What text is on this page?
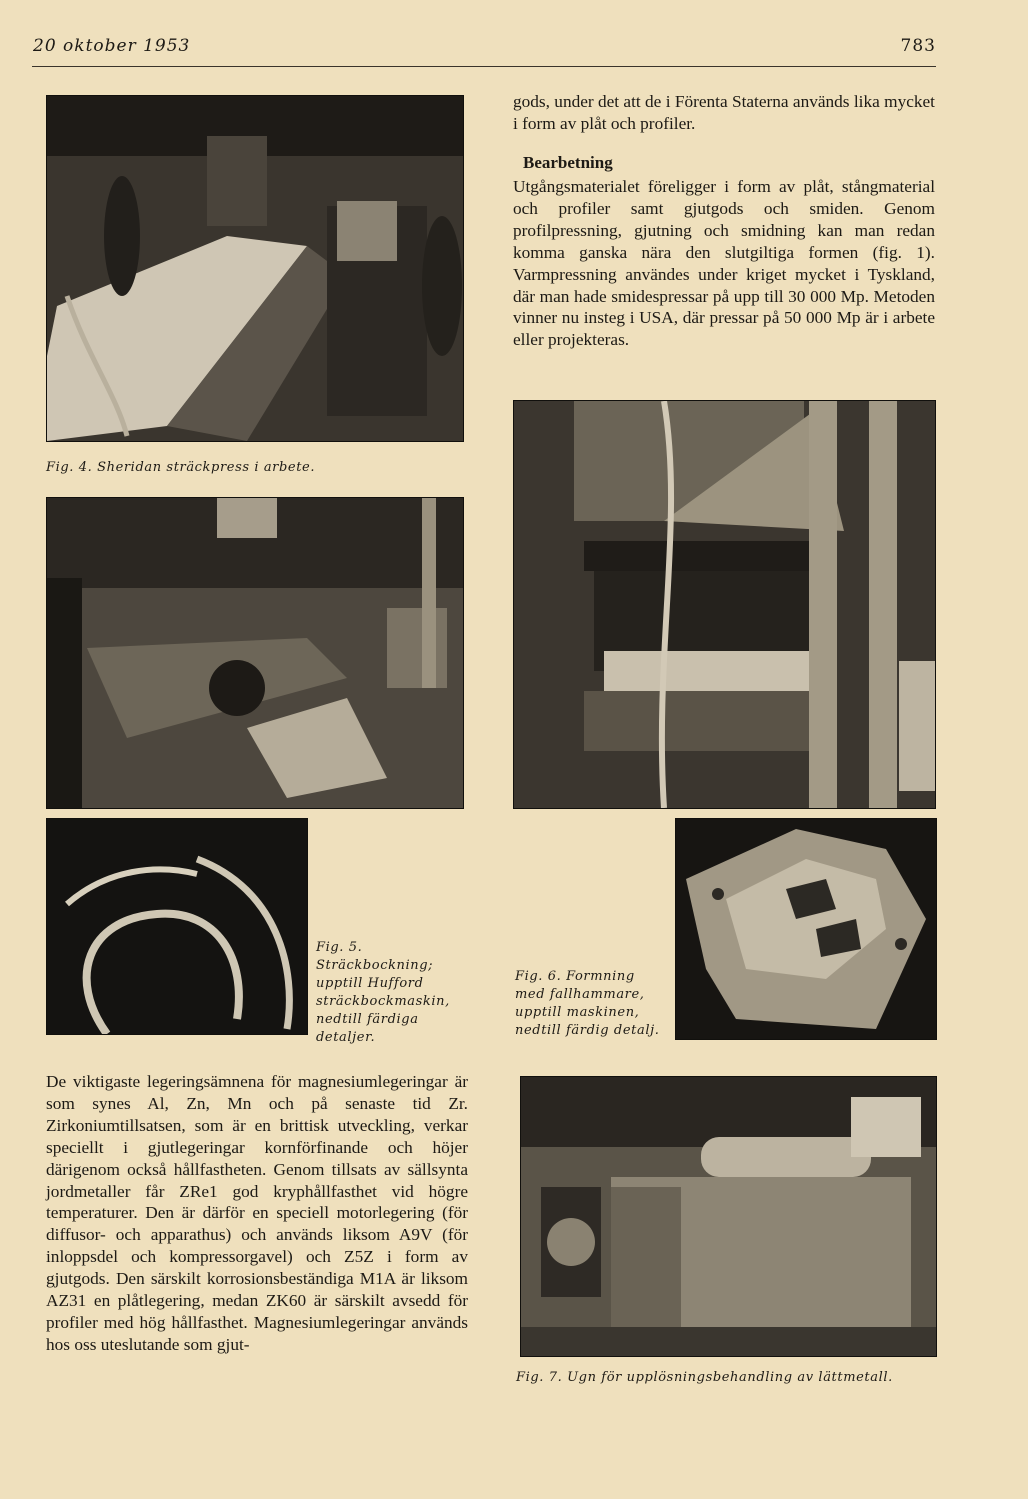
20 oktober 1953	783
Fig. 4. Sheridan sträckpress i arbete.
gods, under det att de i Förenta Staterna används lika mycket i form av plåt och profiler.
Bearbetning
Utgångsmaterialet föreligger i form av plåt, stångmaterial och profiler samt gjutgods och smiden. Genom profilpressning, gjutning och smidning kan man redan komma ganska nära den slutgiltiga formen (fig. 1). Varmpressning användes under kriget mycket i Tyskland, där man hade smidespressar på upp till 30 000 Mp. Metoden vinner nu insteg i USA, där pressar på 50 000 Mp är i arbete eller projekteras.
Fig. 5. Sträckbockning; upptill Hufford sträckbockmaskin, nedtill färdiga detaljer.
Fig. 6. Formning med fallhammare, upptill maskinen, nedtill färdig detalj.
De viktigaste legeringsämnena för magnesiumlegeringar är som synes Al, Zn, Mn och på senaste tid Zr. Zirkoniumtillsatsen, som är en brittisk utveckling, verkar speciellt i gjutlegeringar kornförfinande och höjer därigenom också hållfastheten. Genom tillsats av sällsynta jordmetaller får ZRe1 god kryphållfasthet vid högre temperaturer. Den är därför en speciell motorlegering (för diffusor- och apparathus) och används liksom A9V (för inloppsdel och kompressorgavel) och Z5Z i form av gjutgods. Den särskilt korrosionsbeständiga M1A är liksom AZ31 en plåtlegering, medan ZK60 är särskilt avsedd för profiler med hög hållfasthet. Magnesiumlegeringar används hos oss uteslutande som gjut-
Fig. 7. Ugn för upplösningsbehandling av lättmetall.
